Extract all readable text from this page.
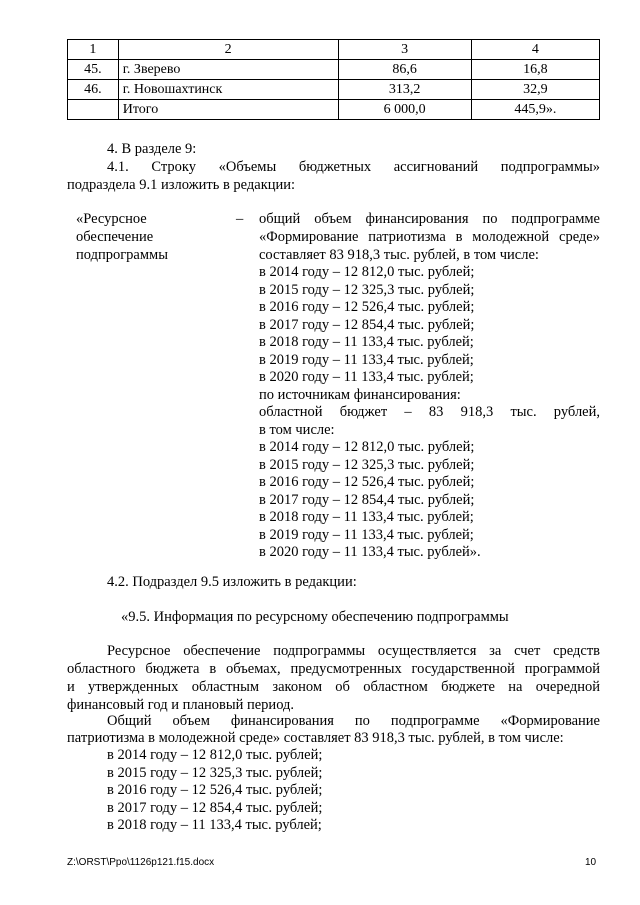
1	2	3	4
45.	г. Зверево	86,6	16,8
46.	г. Новошахтинск	313,2	32,9
	Итого	6 000,0	445,9».
4. В разделе 9:
4.1. Строку «Объемы бюджетных ассигнований подпрограммы»
подраздела 9.1 изложить в редакции:
«Ресурсное
обеспечение
подпрограммы
– общий объем финансирования по подпрограмме
«Формирование патриотизма в молодежной среде»
составляет 83 918,3 тыс. рублей, в том числе:
в 2014 году – 12 812,0 тыс. рублей;
в 2015 году – 12 325,3 тыс. рублей;
в 2016 году – 12 526,4 тыс. рублей;
в 2017 году – 12 854,4 тыс. рублей;
в 2018 году – 11 133,4 тыс. рублей;
в 2019 году – 11 133,4 тыс. рублей;
в 2020 году – 11 133,4 тыс. рублей;
по источникам финансирования:
областной бюджет – 83 918,3 тыс. рублей,
в том числе:
в 2014 году – 12 812,0 тыс. рублей;
в 2015 году – 12 325,3 тыс. рублей;
в 2016 году – 12 526,4 тыс. рублей;
в 2017 году – 12 854,4 тыс. рублей;
в 2018 году – 11 133,4 тыс. рублей;
в 2019 году – 11 133,4 тыс. рублей;
в 2020 году – 11 133,4 тыс. рублей».
4.2. Подраздел 9.5 изложить в редакции:
«9.5. Информация по ресурсному обеспечению подпрограммы
Ресурсное обеспечение подпрограммы осуществляется за счет средств
областного бюджета в объемах, предусмотренных государственной программой
и утвержденных областным законом об областном бюджете на очередной
финансовый год и плановый период.
Общий объем финансирования по подпрограмме «Формирование
патриотизма в молодежной среде» составляет 83 918,3 тыс. рублей, в том числе:
в 2014 году – 12 812,0 тыс. рублей;
в 2015 году – 12 325,3 тыс. рублей;
в 2016 году – 12 526,4 тыс. рублей;
в 2017 году – 12 854,4 тыс. рублей;
в 2018 году – 11 133,4 тыс. рублей;
Z:\ORST\Ppo\1126p121.f15.docx	10
